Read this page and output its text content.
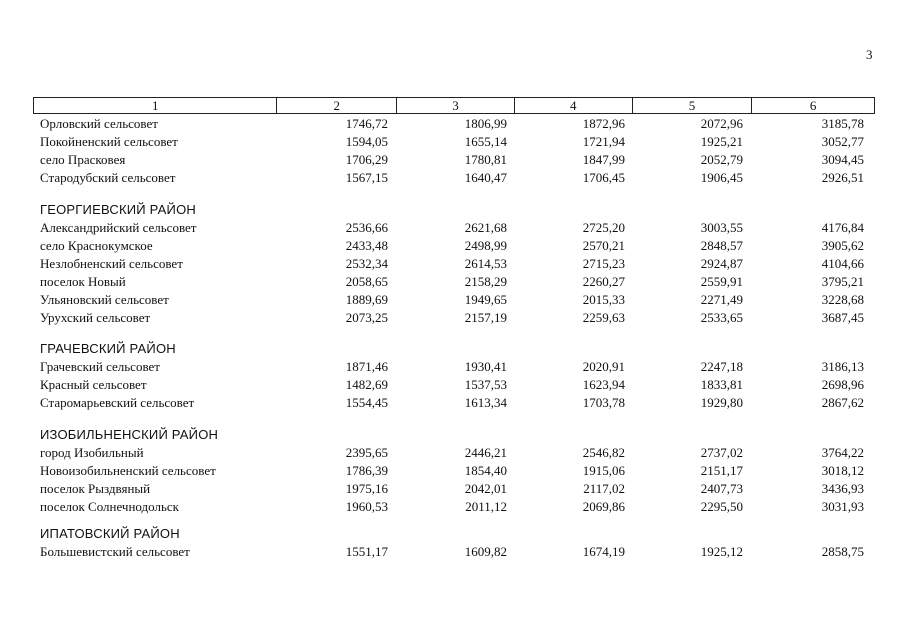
3
1	2	3	4	5	6
Орловский сельсовет	1746,72	1806,99	1872,96	2072,96	3185,78
Покойненский сельсовет	1594,05	1655,14	1721,94	1925,21	3052,77
село Прасковея	1706,29	1780,81	1847,99	2052,79	3094,45
Стародубский сельсовет	1567,15	1640,47	1706,45	1906,45	2926,51
ГЕОРГИЕВСКИЙ РАЙОН
Александрийский сельсовет	2536,66	2621,68	2725,20	3003,55	4176,84
село Краснокумское	2433,48	2498,99	2570,21	2848,57	3905,62
Незлобненский сельсовет	2532,34	2614,53	2715,23	2924,87	4104,66
поселок Новый	2058,65	2158,29	2260,27	2559,91	3795,21
Ульяновский сельсовет	1889,69	1949,65	2015,33	2271,49	3228,68
Урухский сельсовет	2073,25	2157,19	2259,63	2533,65	3687,45
ГРАЧЕВСКИЙ РАЙОН
Грачевский сельсовет	1871,46	1930,41	2020,91	2247,18	3186,13
Красный сельсовет	1482,69	1537,53	1623,94	1833,81	2698,96
Старомарьевский сельсовет	1554,45	1613,34	1703,78	1929,80	2867,62
ИЗОБИЛЬНЕНСКИЙ РАЙОН
город Изобильный	2395,65	2446,21	2546,82	2737,02	3764,22
Новоизобильненский сельсовет	1786,39	1854,40	1915,06	2151,17	3018,12
поселок Рыздвяный	1975,16	2042,01	2117,02	2407,73	3436,93
поселок Солнечнодольск	1960,53	2011,12	2069,86	2295,50	3031,93
ИПАТОВСКИЙ РАЙОН
Большевистский сельсовет	1551,17	1609,82	1674,19	1925,12	2858,75
